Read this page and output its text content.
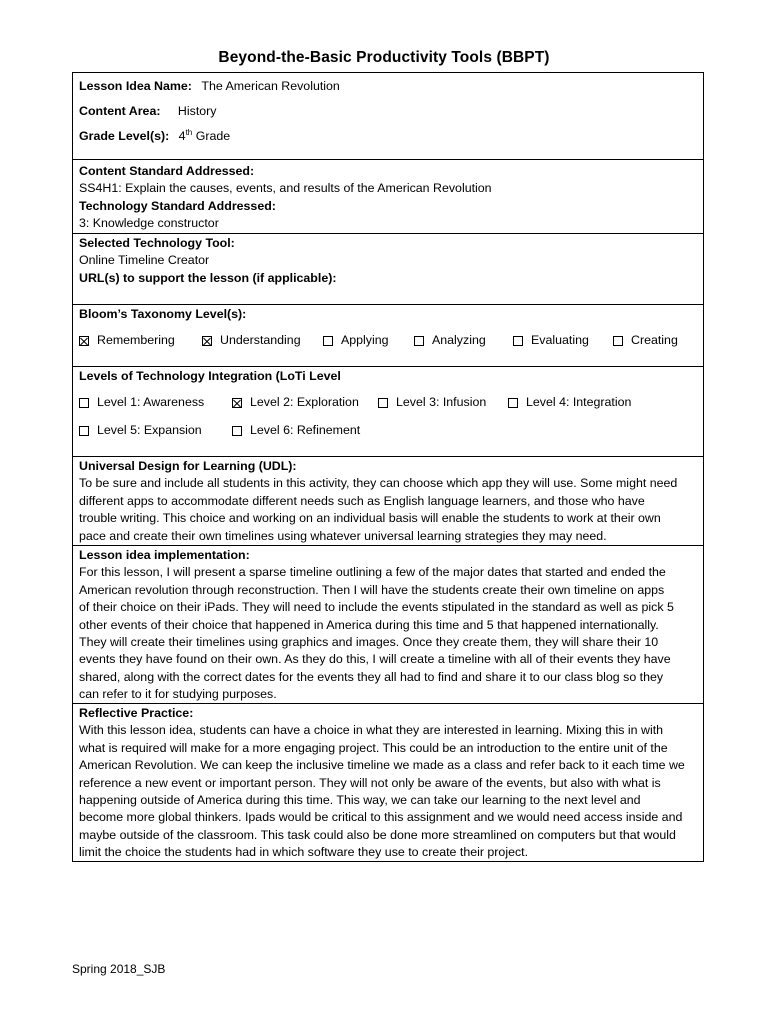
Beyond-the-Basic Productivity Tools (BBPT)
Lesson Idea Name: The American Revolution
Content Area: History
Grade Level(s): 4th Grade
Content Standard Addressed:
SS4H1: Explain the causes, events, and results of the American Revolution
Technology Standard Addressed:
3: Knowledge constructor
Selected Technology Tool:
Online Timeline Creator
URL(s) to support the lesson (if applicable):
Bloom’s Taxonomy Level(s):
Remembering	Understanding	Applying	Analyzing	Evaluating	Creating
Levels of Technology Integration (LoTi Level
Level 1: Awareness	Level 2: Exploration	Level 3: Infusion	Level 4: Integration
Level 5: Expansion	Level 6: Refinement
Universal Design for Learning (UDL):
To be sure and include all students in this activity, they can choose which app they will use. Some might need
different apps to accommodate different needs such as English language learners, and those who have
trouble writing. This choice and working on an individual basis will enable the students to work at their own
pace and create their own timelines using whatever universal learning strategies they may need.
Lesson idea implementation:
For this lesson, I will present a sparse timeline outlining a few of the major dates that started and ended the
American revolution through reconstruction. Then I will have the students create their own timeline on apps
of their choice on their iPads. They will need to include the events stipulated in the standard as well as pick 5
other events of their choice that happened in America during this time and 5 that happened internationally.
They will create their timelines using graphics and images. Once they create them, they will share their 10
events they have found on their own. As they do this, I will create a timeline with all of their events they have
shared, along with the correct dates for the events they all had to find and share it to our class blog so they
can refer to it for studying purposes.
Reflective Practice:
With this lesson idea, students can have a choice in what they are interested in learning. Mixing this in with
what is required will make for a more engaging project. This could be an introduction to the entire unit of the
American Revolution. We can keep the inclusive timeline we made as a class and refer back to it each time we
reference a new event or important person. They will not only be aware of the events, but also with what is
happening outside of America during this time. This way, we can take our learning to the next level and
become more global thinkers. Ipads would be critical to this assignment and we would need access inside and
maybe outside of the classroom. This task could also be done more streamlined on computers but that would
limit the choice the students had in which software they use to create their project.
Spring 2018_SJB
